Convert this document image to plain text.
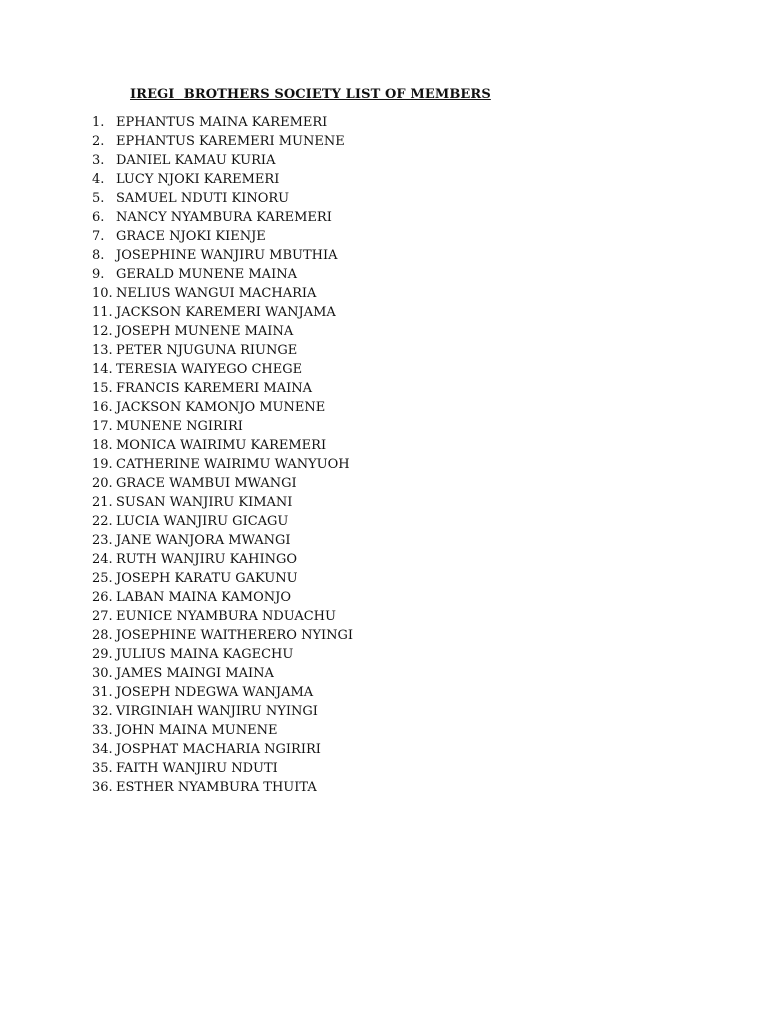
IREGI  BROTHERS SOCIETY LIST OF MEMBERS
1. EPHANTUS MAINA KAREMERI
2. EPHANTUS KAREMERI MUNENE
3. DANIEL KAMAU KURIA
4. LUCY NJOKI KAREMERI
5. SAMUEL NDUTI KINORU
6. NANCY NYAMBURA KAREMERI
7. GRACE NJOKI KIENJE
8. JOSEPHINE WANJIRU MBUTHIA
9. GERALD MUNENE MAINA
10. NELIUS WANGUI MACHARIA
11. JACKSON KAREMERI WANJAMA
12. JOSEPH MUNENE MAINA
13. PETER NJUGUNA RIUNGE
14. TERESIA WAIYEGO CHEGE
15. FRANCIS KAREMERI MAINA
16. JACKSON KAMONJO MUNENE
17. MUNENE NGIRIRI
18. MONICA WAIRIMU KAREMERI
19. CATHERINE WAIRIMU WANYUOH
20. GRACE WAMBUI MWANGI
21. SUSAN WANJIRU KIMANI
22. LUCIA WANJIRU GICAGU
23. JANE WANJORA MWANGI
24. RUTH WANJIRU KAHINGO
25. JOSEPH KARATU GAKUNU
26. LABAN MAINA KAMONJO
27. EUNICE NYAMBURA NDUACHU
28. JOSEPHINE WAITHERERO NYINGI
29. JULIUS MAINA KAGECHU
30. JAMES MAINGI MAINA
31. JOSEPH NDEGWA WANJAMA
32. VIRGINIAH WANJIRU NYINGI
33. JOHN MAINA MUNENE
34. JOSPHAT MACHARIA NGIRIRI
35. FAITH WANJIRU NDUTI
36. ESTHER NYAMBURA THUITA
